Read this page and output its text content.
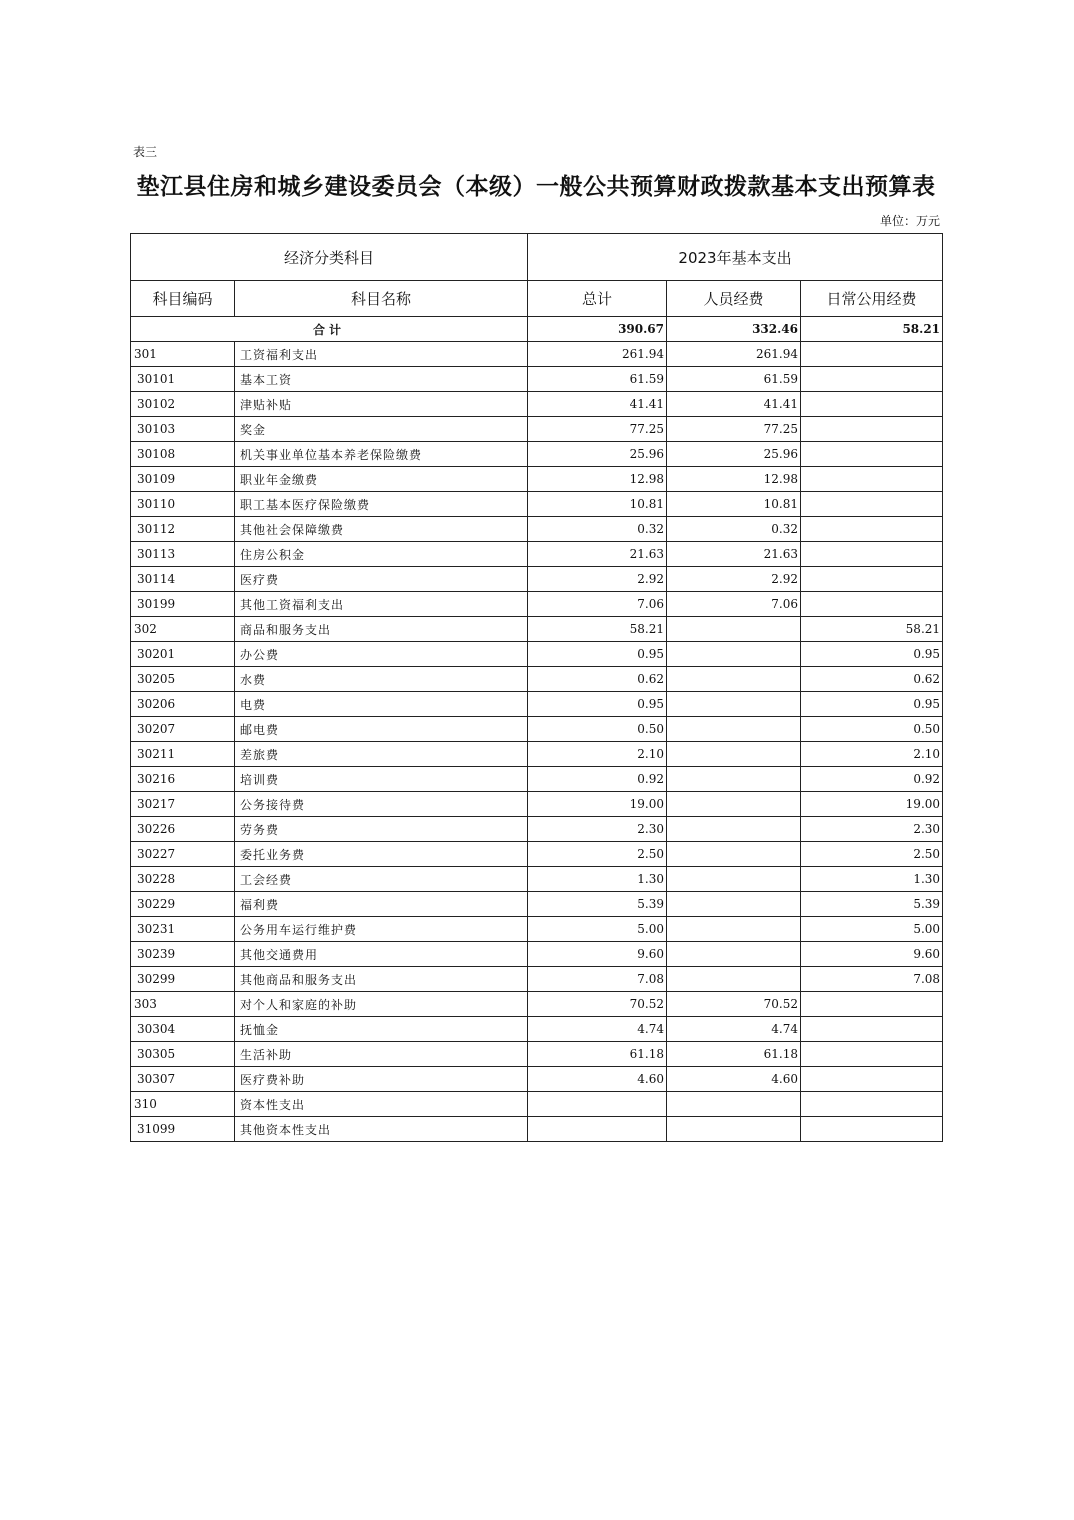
表三
垫江县住房和城乡建设委员会（本级）一般公共预算财政拨款基本支出预算表
单位：万元
经济分类科目		2023年基本支出		
科目编码	科目名称	总计	人员经费	日常公用经费
合计		390.67	332.46	58.21
301	工资福利支出	261.94	261.94	
30101	基本工资	61.59	61.59	
30102	津贴补贴	41.41	41.41	
30103	奖金	77.25	77.25	
30108	机关事业单位基本养老保险缴费	25.96	25.96	
30109	职业年金缴费	12.98	12.98	
30110	职工基本医疗保险缴费	10.81	10.81	
30112	其他社会保障缴费	0.32	0.32	
30113	住房公积金	21.63	21.63	
30114	医疗费	2.92	2.92	
30199	其他工资福利支出	7.06	7.06	
302	商品和服务支出	58.21		58.21
30201	办公费	0.95		0.95
30205	水费	0.62		0.62
30206	电费	0.95		0.95
30207	邮电费	0.50		0.50
30211	差旅费	2.10		2.10
30216	培训费	0.92		0.92
30217	公务接待费	19.00		19.00
30226	劳务费	2.30		2.30
30227	委托业务费	2.50		2.50
30228	工会经费	1.30		1.30
30229	福利费	5.39		5.39
30231	公务用车运行维护费	5.00		5.00
30239	其他交通费用	9.60		9.60
30299	其他商品和服务支出	7.08		7.08
303	对个人和家庭的补助	70.52	70.52	
30304	抚恤金	4.74	4.74	
30305	生活补助	61.18	61.18	
30307	医疗费补助	4.60	4.60	
310	资本性支出			
31099	其他资本性支出			
